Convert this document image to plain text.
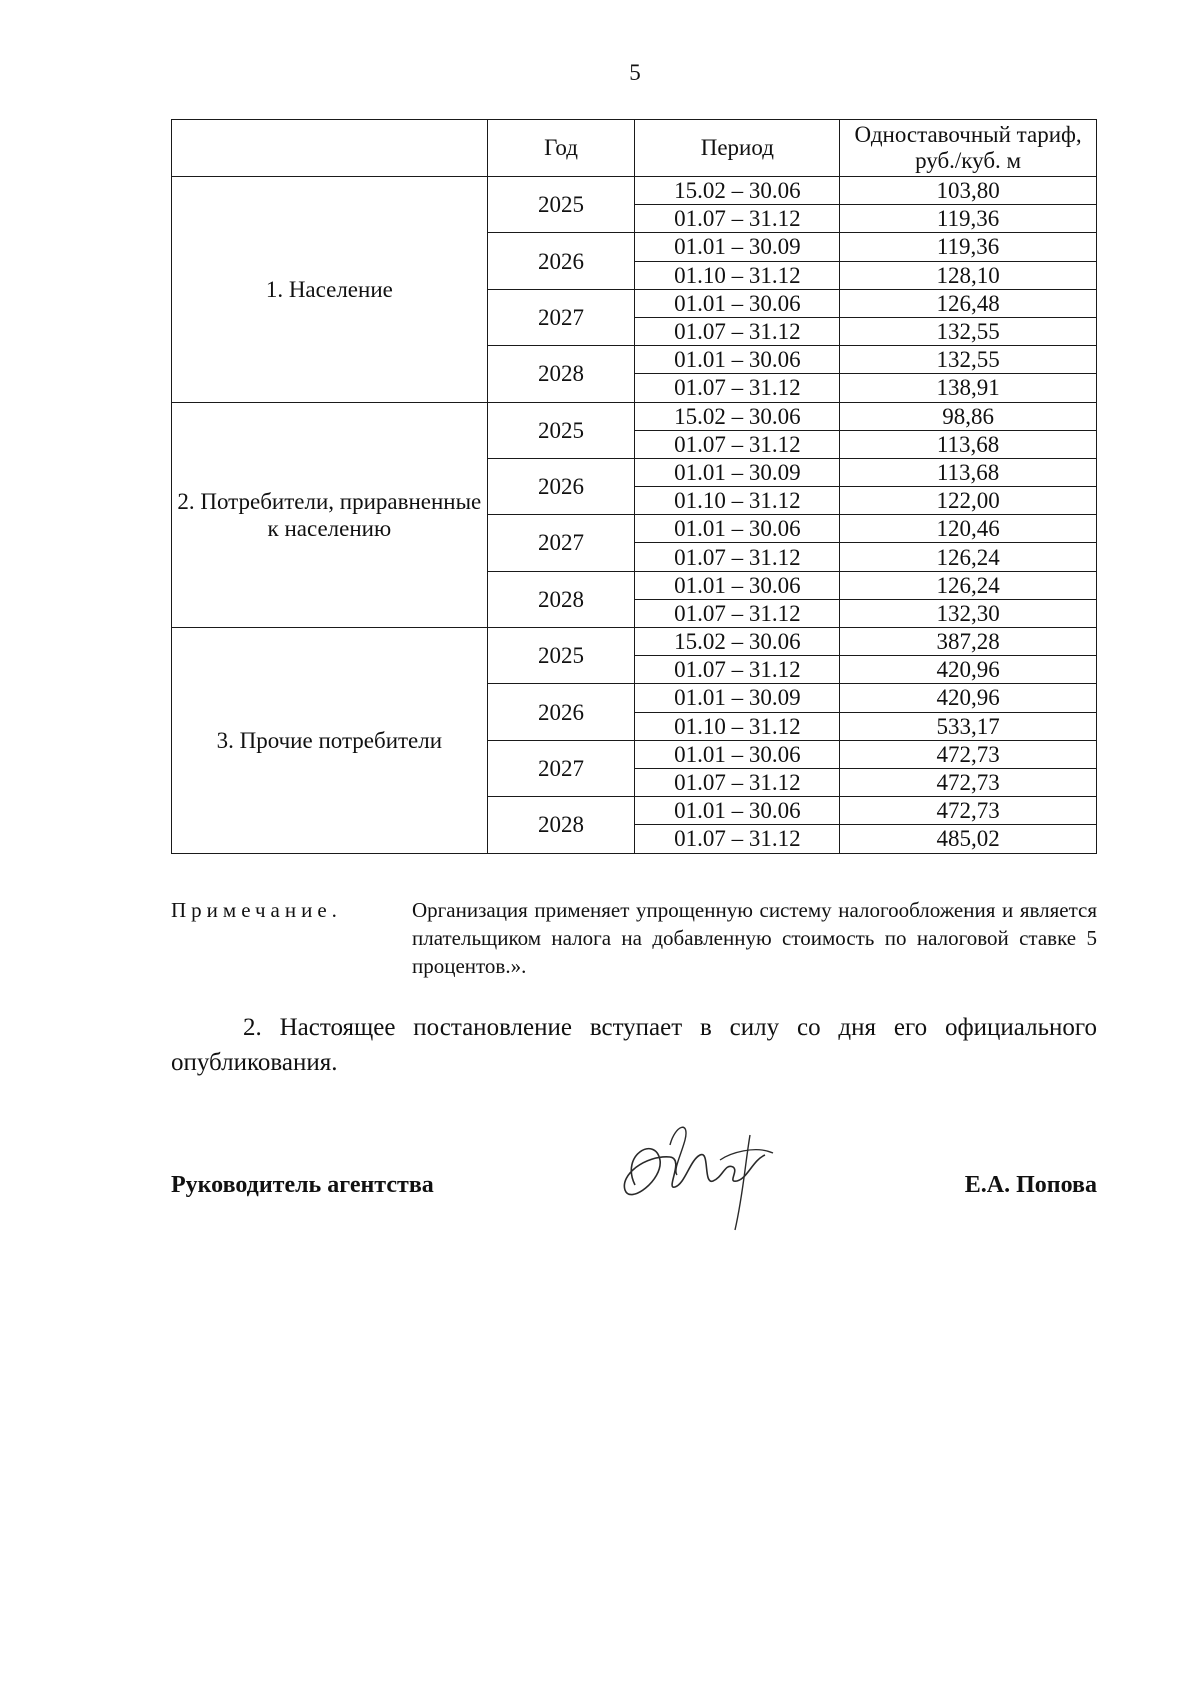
5
	Год	Период	Одноставочный тариф, руб./куб. м
1. Население	2025	15.02 – 30.06	103,80
		01.07 – 31.12	119,36
	2026	01.01 – 30.09	119,36
		01.10 – 31.12	128,10
	2027	01.01 – 30.06	126,48
		01.07 – 31.12	132,55
	2028	01.01 – 30.06	132,55
		01.07 – 31.12	138,91
2. Потребители, приравненные к населению	2025	15.02 – 30.06	98,86
		01.07 – 31.12	113,68
	2026	01.01 – 30.09	113,68
		01.10 – 31.12	122,00
	2027	01.01 – 30.06	120,46
		01.07 – 31.12	126,24
	2028	01.01 – 30.06	126,24
		01.07 – 31.12	132,30
3. Прочие потребители	2025	15.02 – 30.06	387,28
		01.07 – 31.12	420,96
	2026	01.01 – 30.09	420,96
		01.10 – 31.12	533,17
	2027	01.01 – 30.06	472,73
		01.07 – 31.12	472,73
	2028	01.01 – 30.06	472,73
		01.07 – 31.12	485,02
Примечание.	Организация применяет упрощенную систему налогообложения и является плательщиком налога на добавленную стоимость по налоговой ставке 5 процентов.».
2. Настоящее постановление вступает в силу со дня его официального опубликования.
Руководитель агентства	Е.А. Попова
